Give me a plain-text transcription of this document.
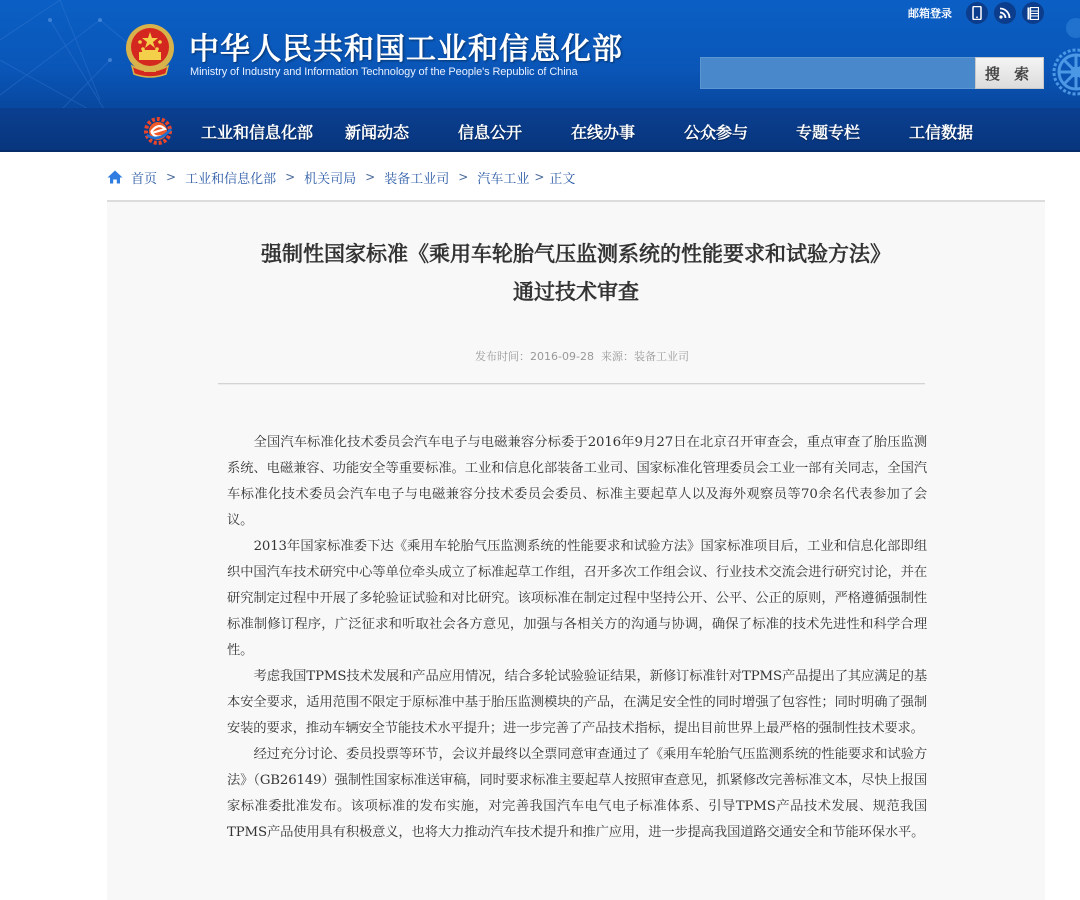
中华人民共和国工业和信息化部
Ministry of Industry and Information Technology of the People's Republic of China
邮箱登录
搜 索
工业和信息化部 新闻动态	信息公开	在线办事	公众参与	专题专栏	工信数据
首页 > 工业和信息化部 > 机关司局 > 装备工业司 > 汽车工业 > 正文
强制性国家标准《乘用车轮胎气压监测系统的性能要求和试验方法》
通过技术审查
发布时间：2016-09-28 来源：装备工业司

全国汽车标准化技术委员会汽车电子与电磁兼容分标委于2016年9月27日在北京召开审查会，重点审查了胎压监测系统、电磁兼容、功能安全等重要标准。工业和信息化部装备工业司、国家标准化管理委员会工业一部有关同志，全国汽车标准化技术委员会汽车电子与电磁兼容分技术委员会委员、标准主要起草人以及海外观察员等70余名代表参加了会议。

2013年国家标准委下达《乘用车轮胎气压监测系统的性能要求和试验方法》国家标准项目后，工业和信息化部即组织中国汽车技术研究中心等单位牵头成立了标准起草工作组，召开多次工作组会议、行业技术交流会进行研究讨论，并在研究制定过程中开展了多轮验证试验和对比研究。该项标准在制定过程中坚持公开、公平、公正的原则，严格遵循强制性标准制修订程序，广泛征求和听取社会各方意见，加强与各相关方的沟通与协调，确保了标准的技术先进性和科学合理性。

考虑我国TPMS技术发展和产品应用情况，结合多轮试验验证结果，新修订标准针对TPMS产品提出了其应满足的基本安全要求，适用范围不限定于原标准中基于胎压监测模块的产品，在满足安全性的同时增强了包容性；同时明确了强制安装的要求，推动车辆安全节能技术水平提升；进一步完善了产品技术指标，提出目前世界上最严格的强制性技术要求。

经过充分讨论、委员投票等环节，会议并最终以全票同意审查通过了《乘用车轮胎气压监测系统的性能要求和试验方法》（GB26149）强制性国家标准送审稿，同时要求标准主要起草人按照审查意见，抓紧修改完善标准文本，尽快上报国家标准委批准发布。该项标准的发布实施，对完善我国汽车电气电子标准体系、引导TPMS产品技术发展、规范我国TPMS产品使用具有积极意义，也将大力推动汽车技术提升和推广应用，进一步提高我国道路交通安全和节能环保水平。
